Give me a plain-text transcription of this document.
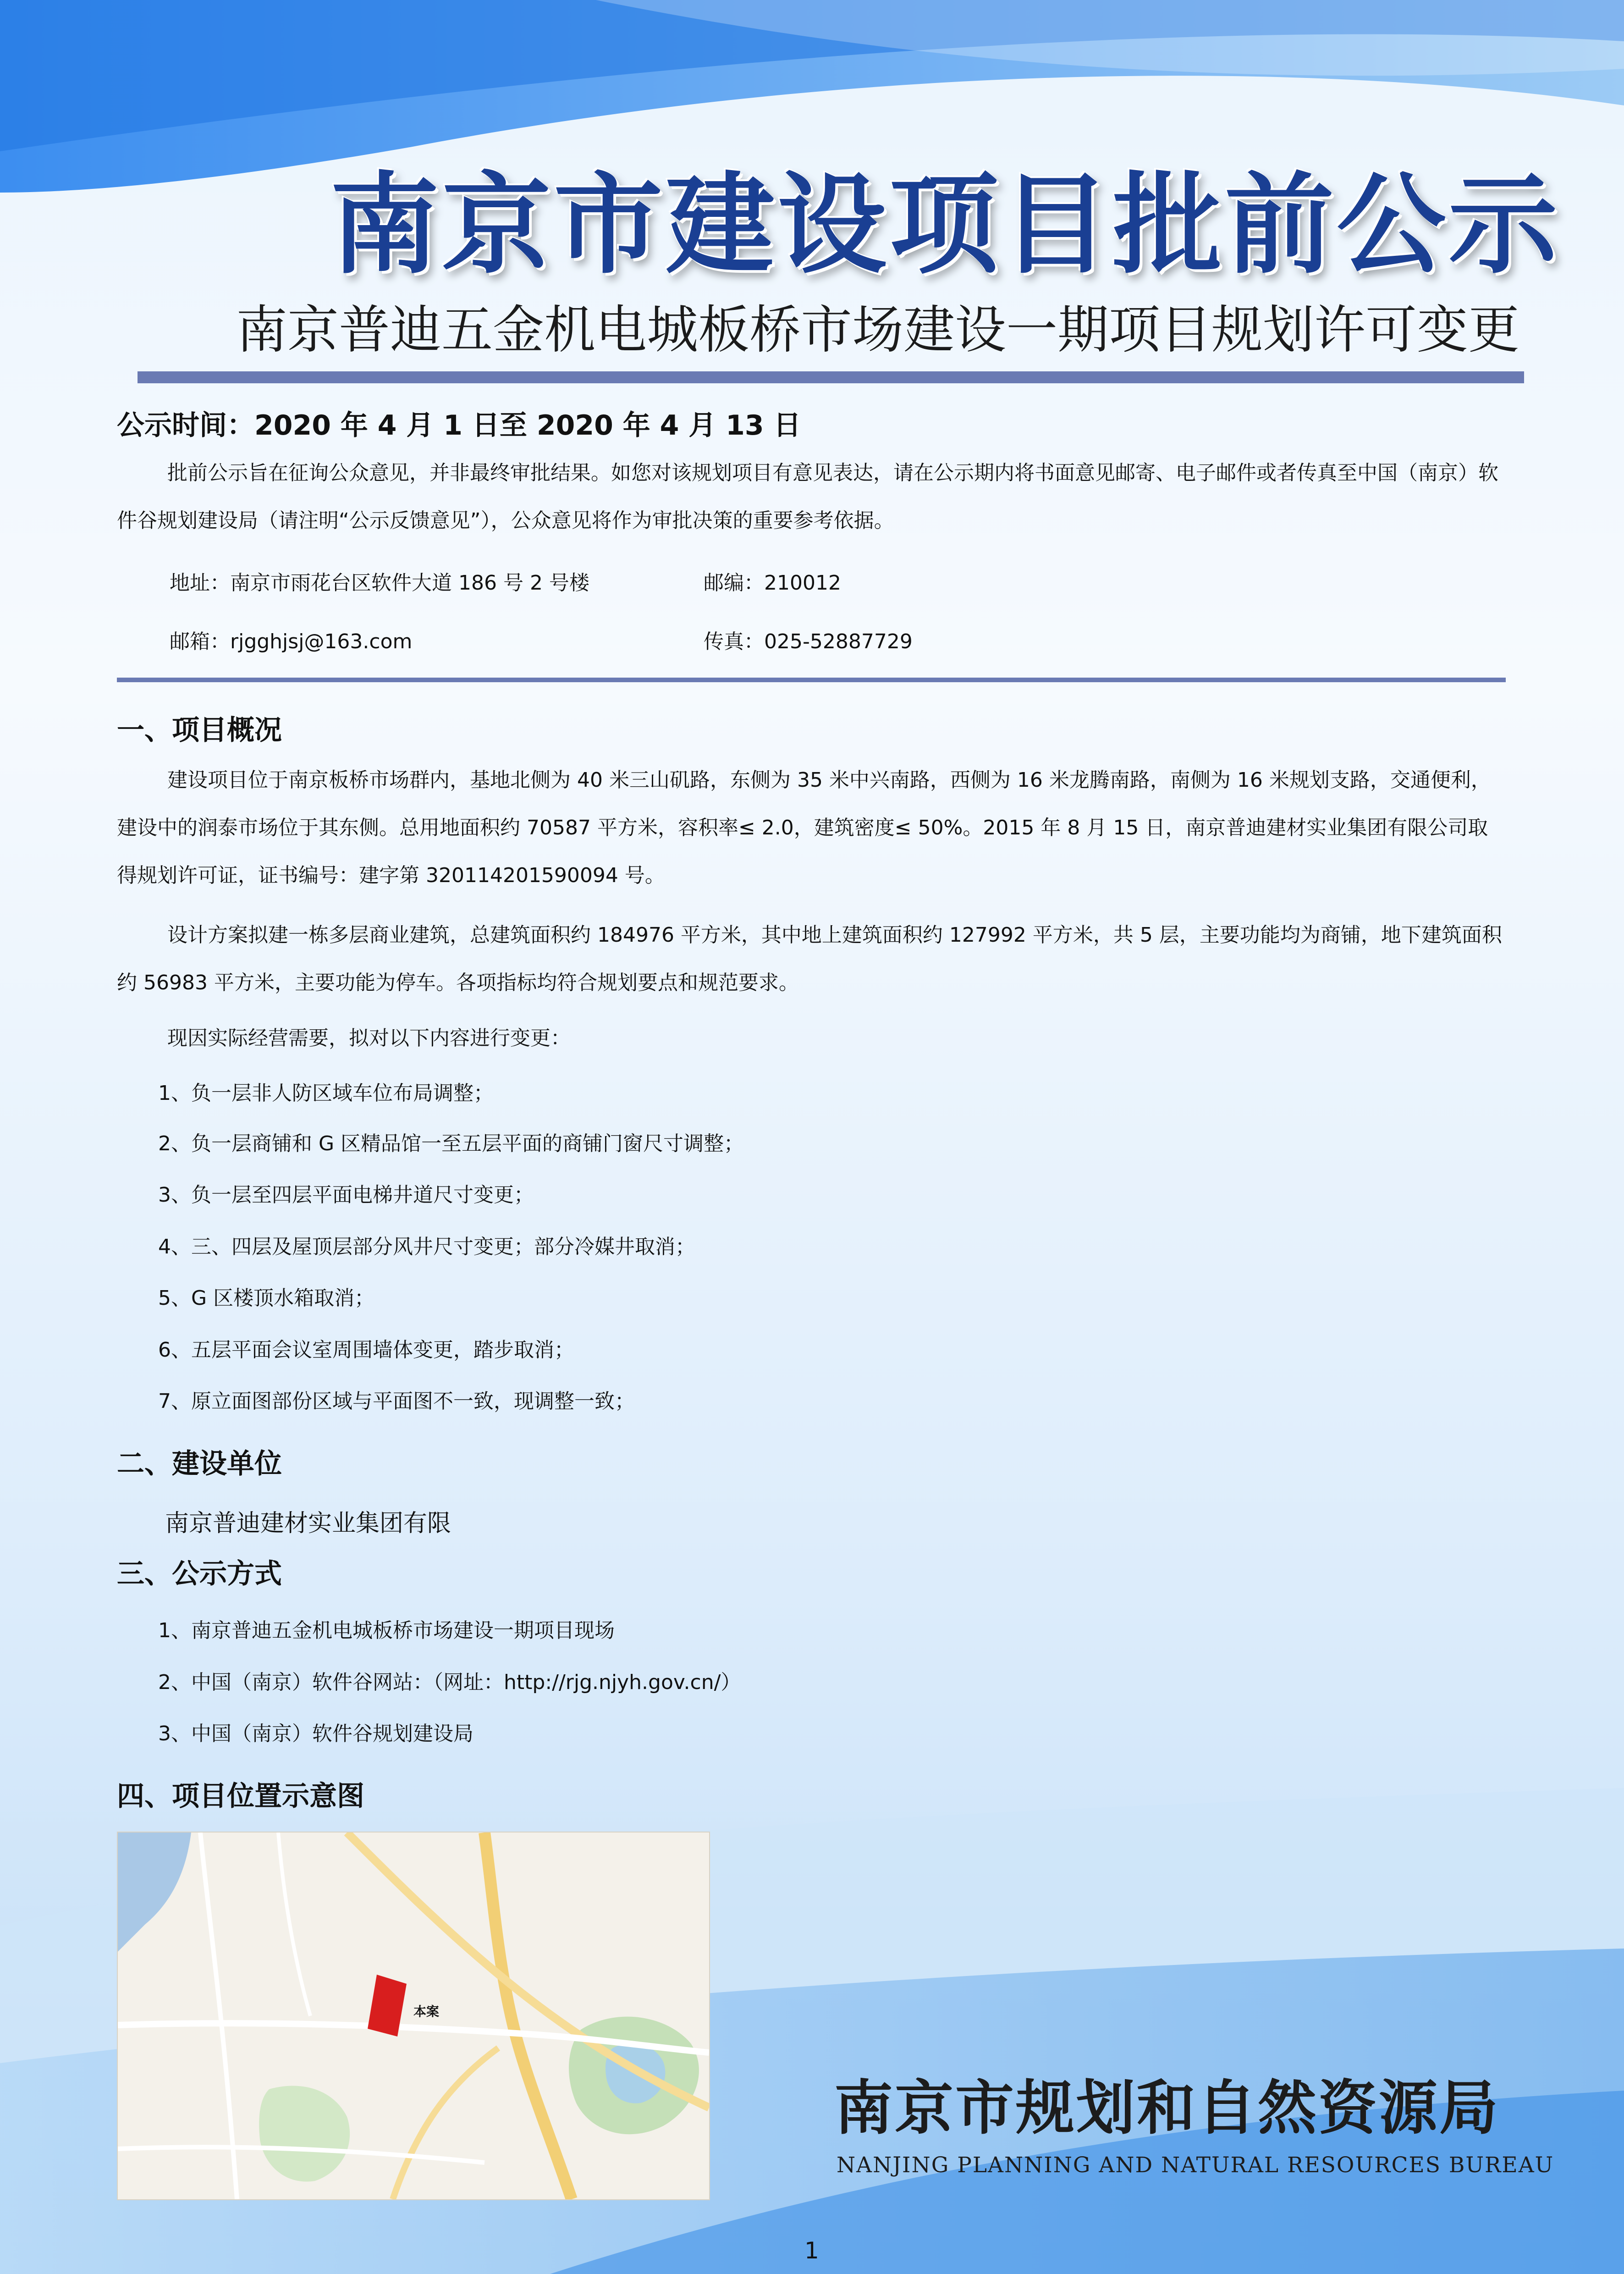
南京市建设项目批前公示
南京普迪五金机电城板桥市场建设一期项目规划许可变更
公示时间：2020 年 4 月 1 日至 2020 年 4 月 13 日
批前公示旨在征询公众意见，并非最终审批结果。如您对该规划项目有意见表达，请在公示期内将书面意见邮寄、电子邮件或者传真至中国（南京）软件谷规划建设局（请注明“公示反馈意见”），公众意见将作为审批决策的重要参考依据。
地址：南京市雨花台区软件大道 186 号 2 号楼	邮编：210012
邮箱：rjgghjsj@163.com	传真：025-52887729
一、项目概况
建设项目位于南京板桥市场群内，基地北侧为 40 米三山矶路，东侧为 35 米中兴南路，西侧为 16 米龙腾南路，南侧为 16 米规划支路，交通便利，建设中的润泰市场位于其东侧。总用地面积约 70587 平方米，容积率≤ 2.0，建筑密度≤ 50%。2015 年 8 月 15 日，南京普迪建材实业集团有限公司取得规划许可证，证书编号：建字第 320114201590094 号。
设计方案拟建一栋多层商业建筑，总建筑面积约 184976 平方米，其中地上建筑面积约 127992 平方米，共 5 层，主要功能均为商铺，地下建筑面积约 56983 平方米，主要功能为停车。各项指标均符合规划要点和规范要求。
现因实际经营需要，拟对以下内容进行变更：
1、负一层非人防区域车位布局调整；
2、负一层商铺和 G 区精品馆一至五层平面的商铺门窗尺寸调整；
3、负一层至四层平面电梯井道尺寸变更；
4、三、四层及屋顶层部分风井尺寸变更；部分冷媒井取消；
5、G 区楼顶水箱取消；
6、五层平面会议室周围墙体变更，踏步取消；
7、原立面图部份区域与平面图不一致，现调整一致；
二、建设单位
南京普迪建材实业集团有限
三、公示方式
1、南京普迪五金机电城板桥市场建设一期项目现场
2、中国（南京）软件谷网站：（网址：http://rjg.njyh.gov.cn/）
3、中国（南京）软件谷规划建设局
四、项目位置示意图
本案
南京市规划和自然资源局
NANJING PLANNING AND NATURAL RESOURCES BUREAU
1
